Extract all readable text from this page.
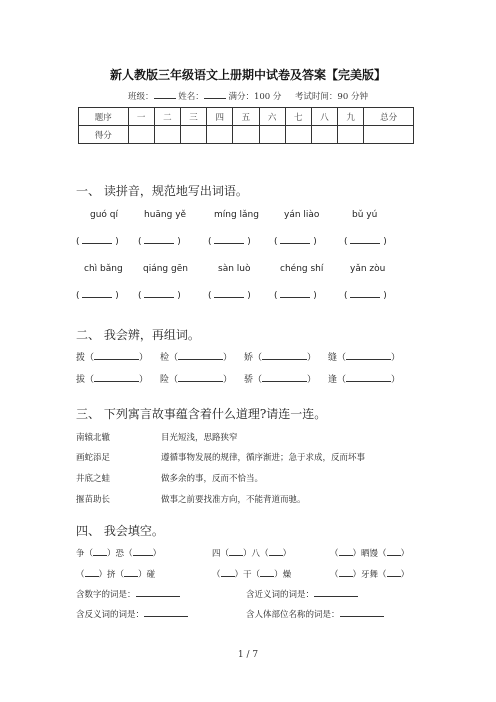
新人教版三年级语文上册期中试卷及答案【完美版】
班级：	姓名：	满分：100 分 考试时间：90 分钟
题序	一	二	三	四	五	六	七	八	九	总分
得分										
一、 读拼音，规范地写出词语。
guó qí	huāng yě	míng lǎng	yán liào	bǔ yú
(	) (	)	(	)	(	)	(	)
chì bǎng qiáng gēn	sàn luò	chéng shí	yǎn zòu
(	) (	)	(	)	(	)	(	)
二、 我会辨，再组词。
拨（	） 检（	） 娇（	） 缝（	）
拔（	） 险（	） 骄（	） 逢（	）
三、 下列寓言故事蕴含着什么道理?请连一连。
南辕北辙
画蛇添足
井底之蛙
揠苗助长
目光短浅，思路狭窄
遵循事物发展的规律，循序渐进；急于求成，反而坏事
做多余的事，反而不恰当。
做事之前要找准方向，不能背道而驰。
四、 我会填空。
争（ ）恐（ ）	四（ ）八（ ）	（ ）晒馒（ ）
（ ）挤（ ）碰	（ ）干（ ）燥	（ ）牙舞（ ）
含数字的词是：	含近义词的词是：
含反义词的词是：	含人体部位名称的词是：
1 / 7
